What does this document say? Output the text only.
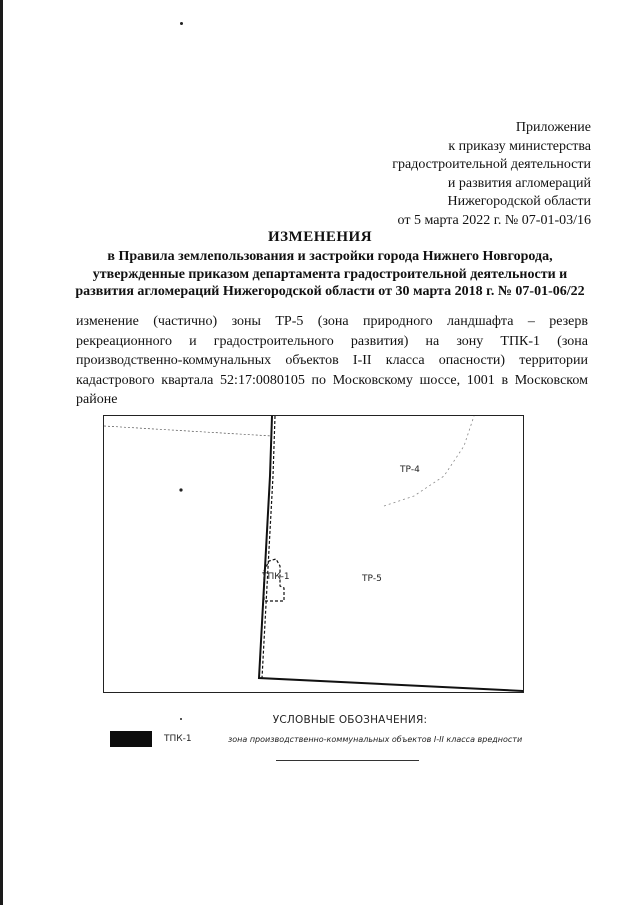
Приложение
к приказу министерства
градостроительной деятельности
и развития агломераций
Нижегородской области
от 5 марта 2022 г. № 07-01-03/16
ИЗМЕНЕНИЯ
в Правила землепользования и застройки города Нижнего Новгорода,
утвержденные приказом департамента градостроительной деятельности и
развития агломераций Нижегородской области от 30 марта 2018 г. № 07-01-06/22
изменение (частично) зоны ТР-5 (зона природного ландшафта – резерв
рекреационного и градостроительного развития) на зону ТПК-1 (зона
производственно-коммунальных объектов I-II класса опасности) территории
кадастрового квартала 52:17:0080105 по Московскому шоссе, 1001 в Московском
районе
ТР-4
ТПК-1	ТР-5
УСЛОВНЫЕ ОБОЗНАЧЕНИЯ:
ТПК-1	зона производственно-коммунальных объектов I-II класса вредности
